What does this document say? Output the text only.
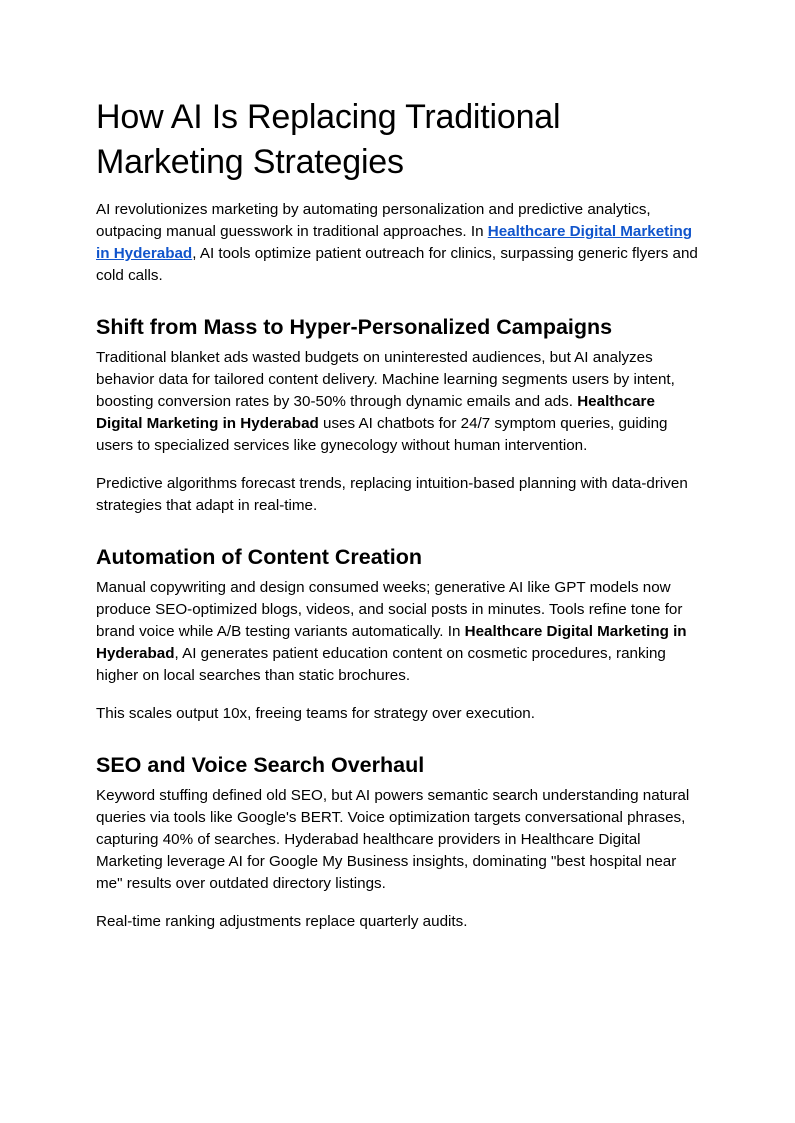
How AI Is Replacing Traditional Marketing Strategies

AI revolutionizes marketing by automating personalization and predictive analytics, outpacing manual guesswork in traditional approaches. In Healthcare Digital Marketing in Hyderabad, AI tools optimize patient outreach for clinics, surpassing generic flyers and cold calls.

Shift from Mass to Hyper-Personalized Campaigns

Traditional blanket ads wasted budgets on uninterested audiences, but AI analyzes behavior data for tailored content delivery. Machine learning segments users by intent, boosting conversion rates by 30-50% through dynamic emails and ads. Healthcare Digital Marketing in Hyderabad uses AI chatbots for 24/7 symptom queries, guiding users to specialized services like gynecology without human intervention.

Predictive algorithms forecast trends, replacing intuition-based planning with data-driven strategies that adapt in real-time.

Automation of Content Creation

Manual copywriting and design consumed weeks; generative AI like GPT models now produce SEO-optimized blogs, videos, and social posts in minutes. Tools refine tone for brand voice while A/B testing variants automatically. In Healthcare Digital Marketing in Hyderabad, AI generates patient education content on cosmetic procedures, ranking higher on local searches than static brochures.

This scales output 10x, freeing teams for strategy over execution.

SEO and Voice Search Overhaul

Keyword stuffing defined old SEO, but AI powers semantic search understanding natural queries via tools like Google's BERT. Voice optimization targets conversational phrases, capturing 40% of searches. Hyderabad healthcare providers in Healthcare Digital Marketing leverage AI for Google My Business insights, dominating "best hospital near me" results over outdated directory listings.

Real-time ranking adjustments replace quarterly audits.
